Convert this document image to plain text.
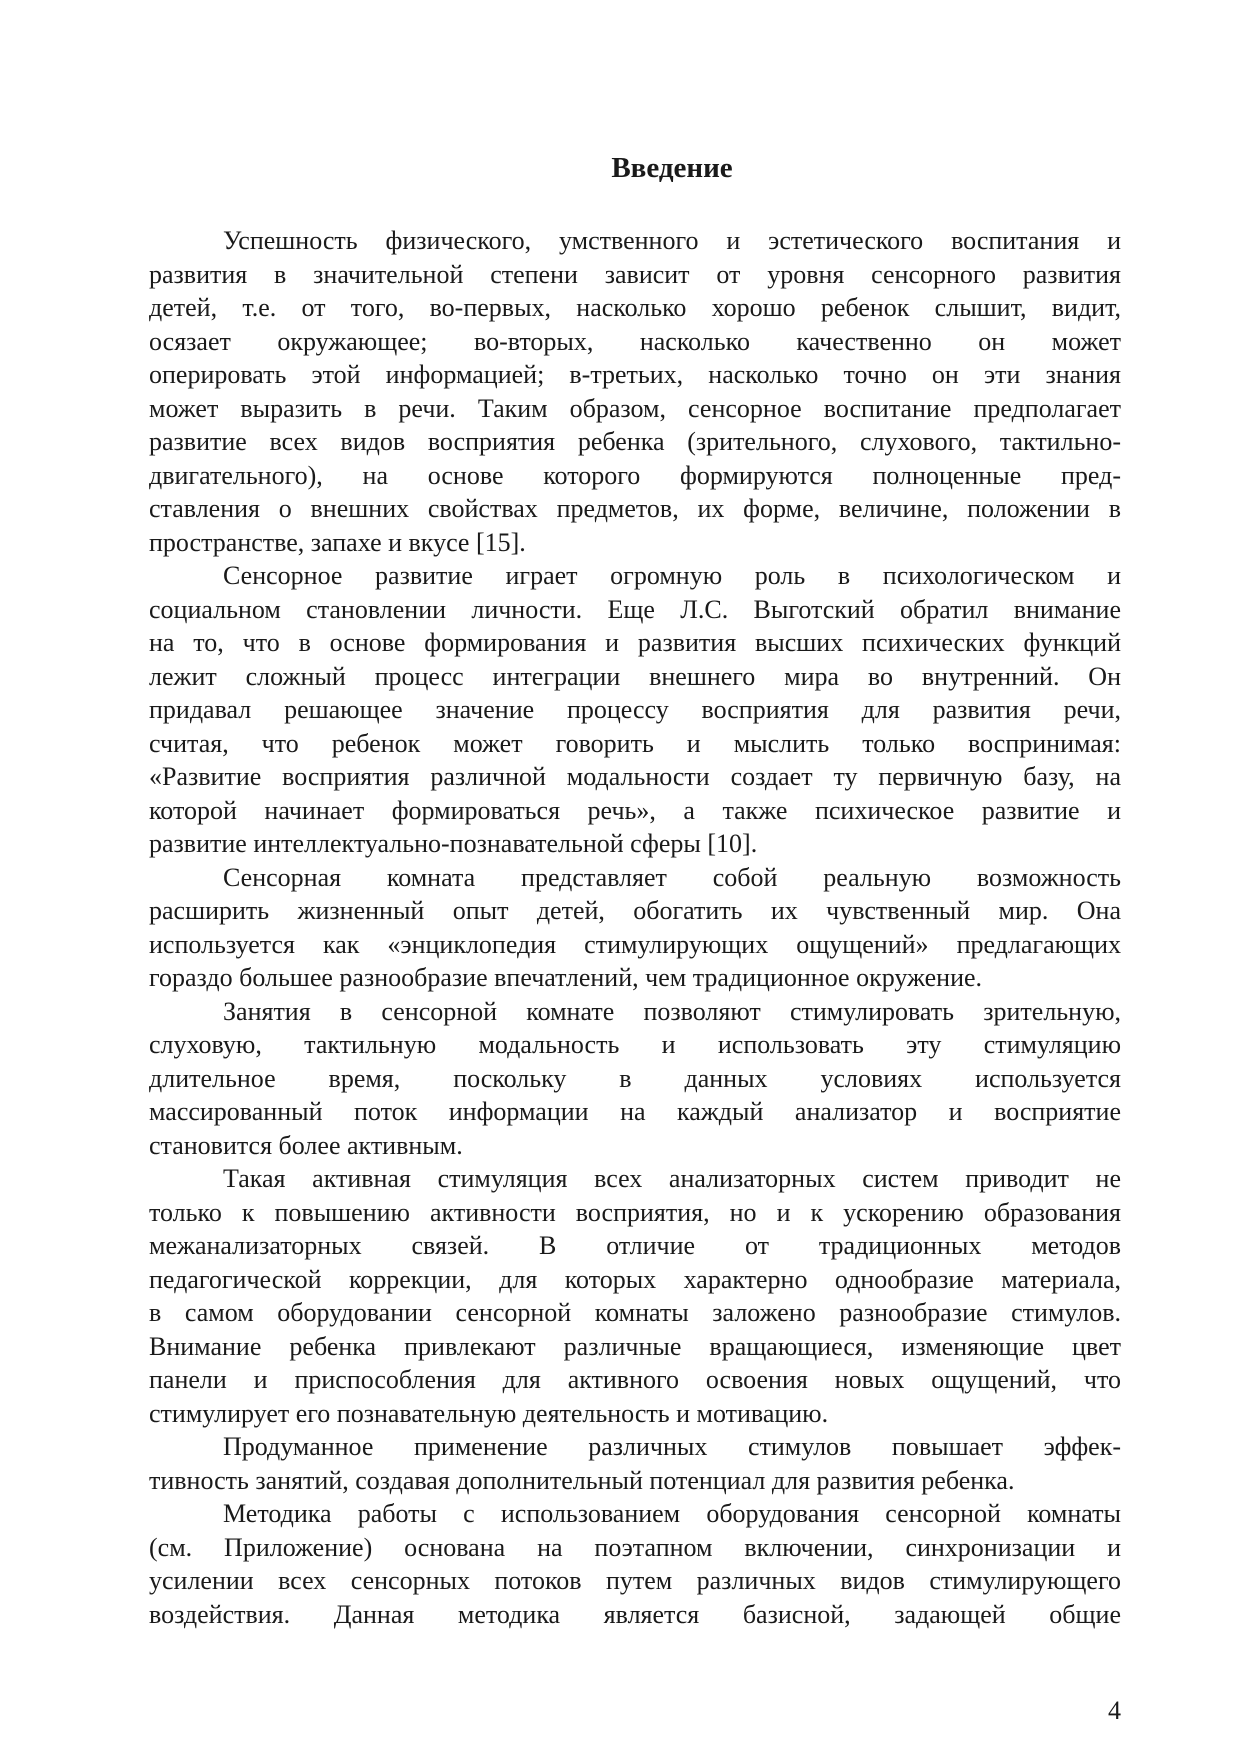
Введение
Успешность физического, умственного и эстетического воспитания и
развития в значительной степени зависит от уровня сенсорного развития
детей, т.е. от того, во-первых, насколько хорошо ребенок слышит, видит,
осязает окружающее; во-вторых, насколько качественно он может
оперировать этой информацией; в-третьих, насколько точно он эти знания
может выразить в речи. Таким образом, сенсорное воспитание предполагает
развитие всех видов восприятия ребенка (зрительного, слухового, тактильно-
двигательного), на основе которого формируются полноценные пред-
ставления о внешних свойствах предметов, их форме, величине, положении в
пространстве, запахе и вкусе [15].
Сенсорное развитие играет огромную роль в психологическом и
социальном становлении личности. Еще Л.С. Выготский обратил внимание
на то, что в основе формирования и развития высших психических функций
лежит сложный процесс интеграции внешнего мира во внутренний. Он
придавал решающее значение процессу восприятия для развития речи,
считая, что ребенок может говорить и мыслить только воспринимая:
«Развитие восприятия различной модальности создает ту первичную базу, на
которой начинает формироваться речь», а также психическое развитие и
развитие интеллектуально-познавательной сферы [10].
Сенсорная комната представляет собой реальную возможность
расширить жизненный опыт детей, обогатить их чувственный мир. Она
используется как «энциклопедия стимулирующих ощущений» предлагающих
гораздо большее разнообразие впечатлений, чем традиционное окружение.
Занятия в сенсорной комнате позволяют стимулировать зрительную,
слуховую, тактильную модальность и использовать эту стимуляцию
длительное время, поскольку в данных условиях используется
массированный поток информации на каждый анализатор и восприятие
становится более активным.
Такая активная стимуляция всех анализаторных систем приводит не
только к повышению активности восприятия, но и к ускорению образования
межанализаторных связей. В отличие от традиционных методов
педагогической коррекции, для которых характерно однообразие материала,
в самом оборудовании сенсорной комнаты заложено разнообразие стимулов.
Внимание ребенка привлекают различные вращающиеся, изменяющие цвет
панели и приспособления для активного освоения новых ощущений, что
стимулирует его познавательную деятельность и мотивацию.
Продуманное применение различных стимулов повышает эффек-
тивность занятий, создавая дополнительный потенциал для развития ребенка.
Методика работы с использованием оборудования сенсорной комнаты
(см. Приложение) основана на поэтапном включении, синхронизации и
усилении всех сенсорных потоков путем различных видов стимулирующего
воздействия. Данная методика является базисной, задающей общие
4
